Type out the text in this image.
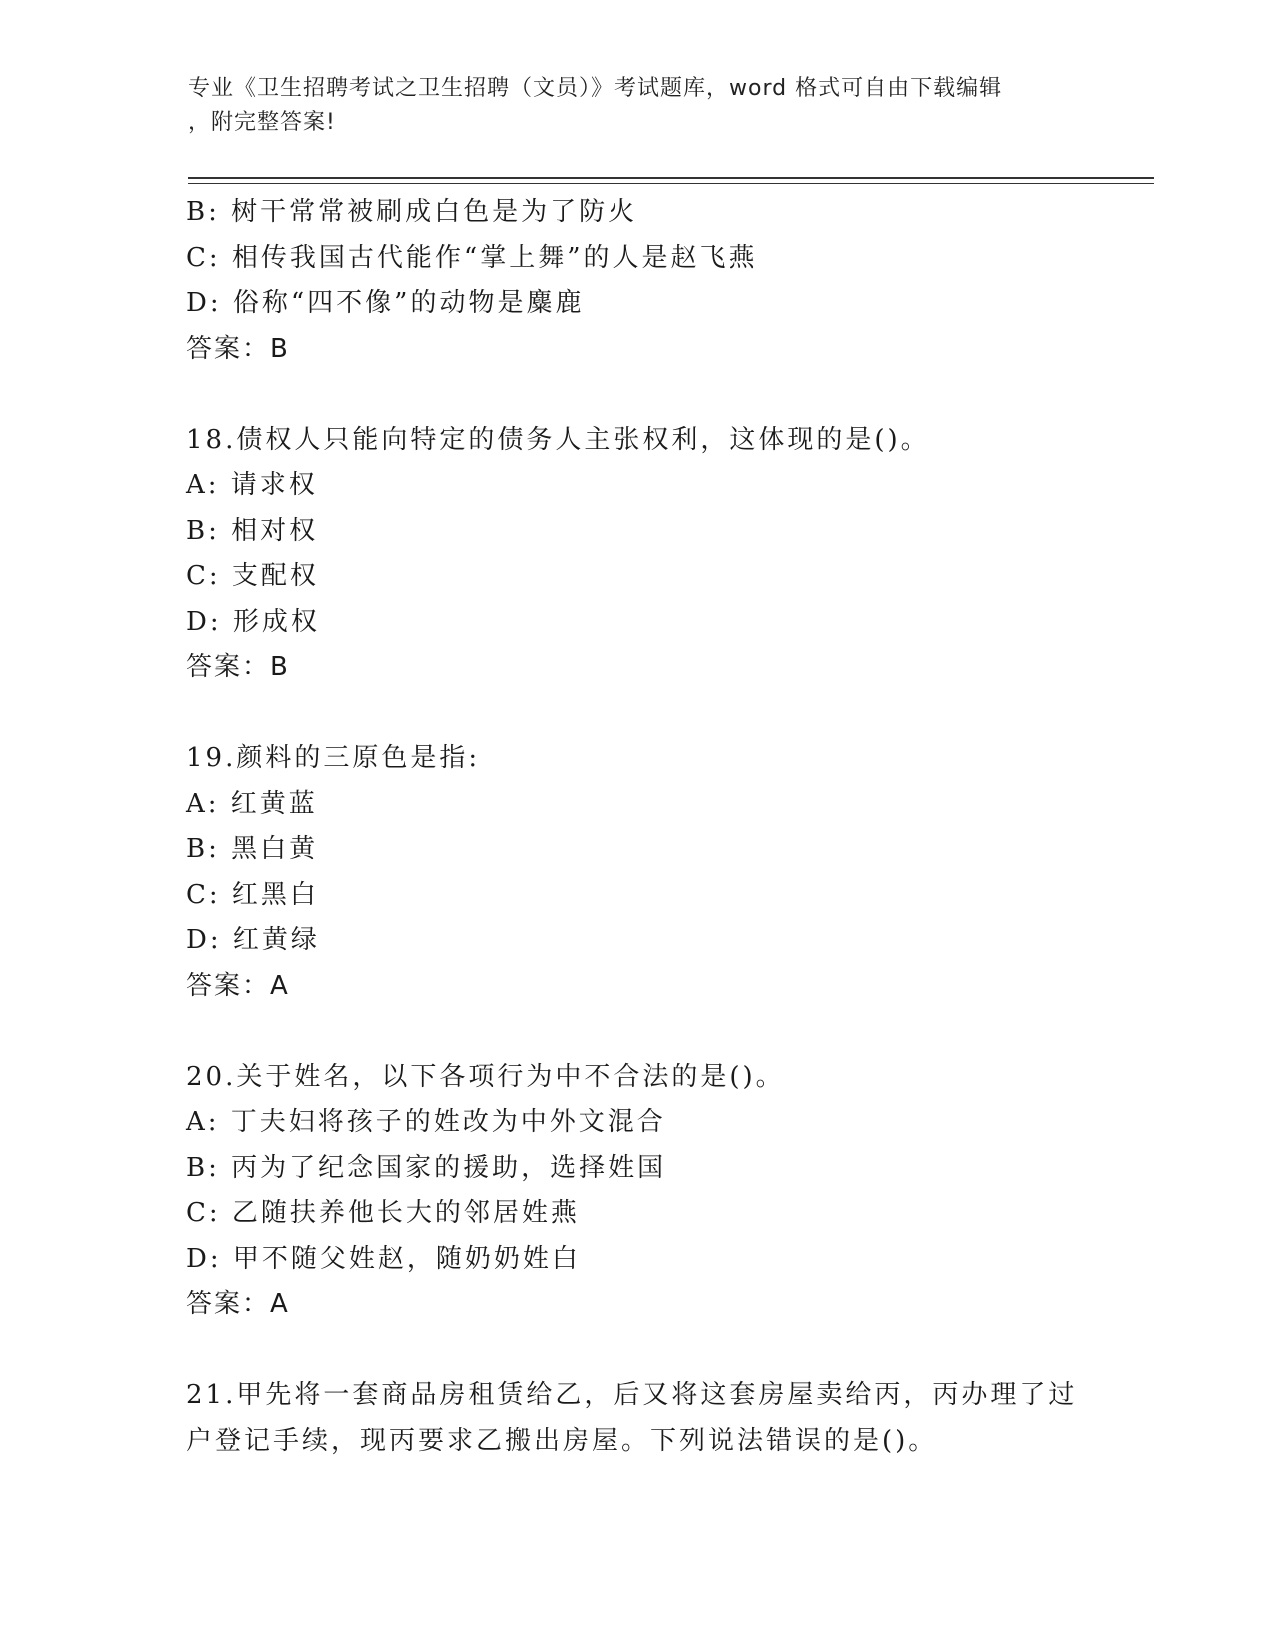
专业《卫生招聘考试之卫生招聘（文员）》考试题库，word 格式可自由下载编辑
，附完整答案!
B: 树干常常被刷成白色是为了防火
C: 相传我国古代能作“掌上舞”的人是赵飞燕
D: 俗称“四不像”的动物是麋鹿
答案：B
18.债权人只能向特定的债务人主张权利，这体现的是()。
A: 请求权
B: 相对权
C: 支配权
D: 形成权
答案：B
19.颜料的三原色是指:
A: 红黄蓝
B: 黑白黄
C: 红黑白
D: 红黄绿
答案：A
20.关于姓名，以下各项行为中不合法的是()。
A: 丁夫妇将孩子的姓改为中外文混合
B: 丙为了纪念国家的援助，选择姓国
C: 乙随扶养他长大的邻居姓燕
D: 甲不随父姓赵，随奶奶姓白
答案：A
21.甲先将一套商品房租赁给乙，后又将这套房屋卖给丙，丙办理了过
户登记手续，现丙要求乙搬出房屋。下列说法错误的是()。
